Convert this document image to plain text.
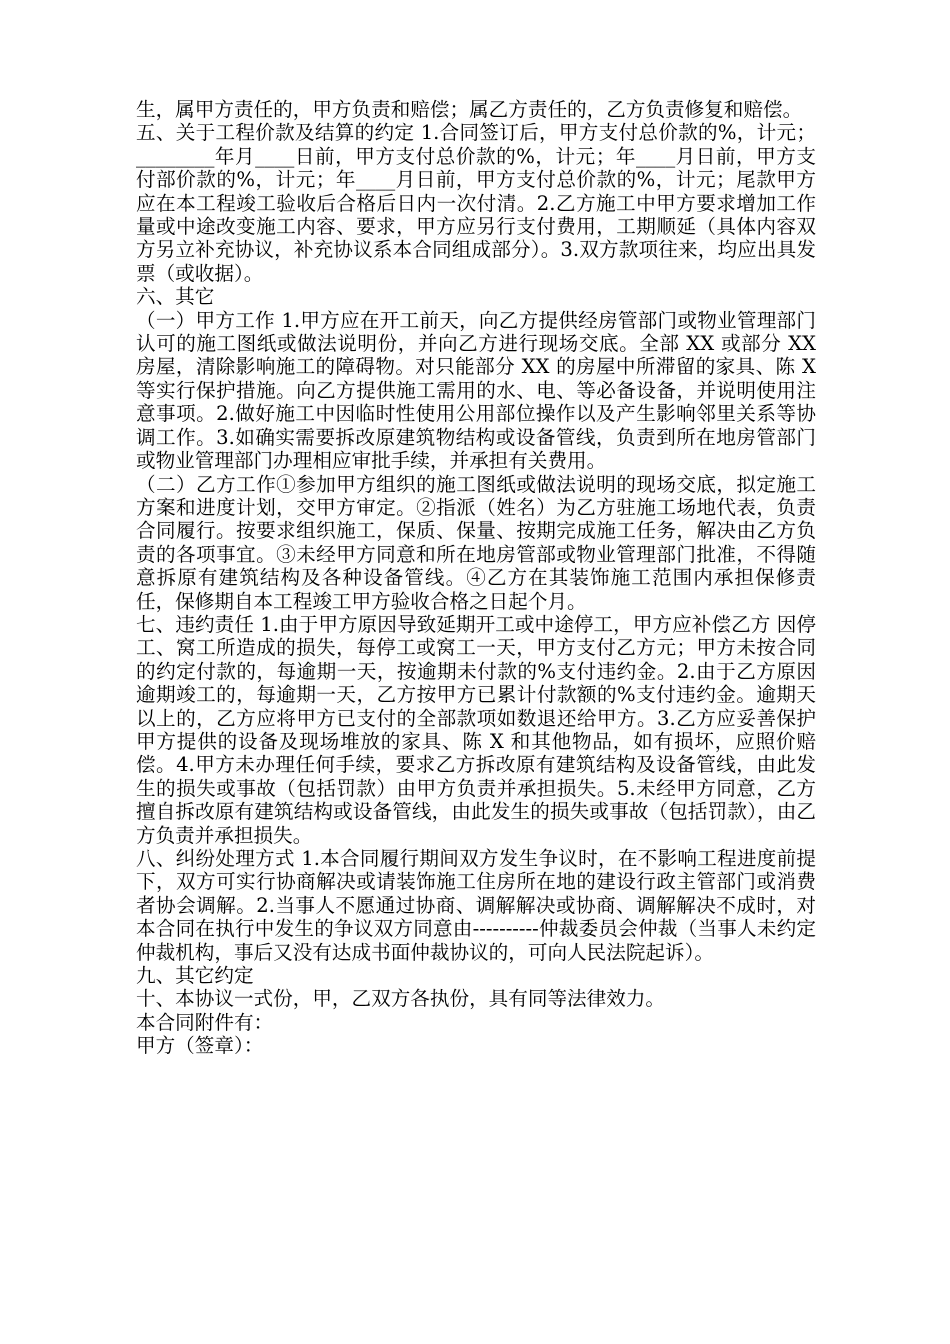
生，属甲方责任的，甲方负责和赔偿；属乙方责任的，乙方负责修复和赔偿。

五、关于工程价款及结算的约定 1.合同签订后，甲方支付总价款的%，计元；________年月____日前，甲方支付总价款的%，计元；年____月日前，甲方支付部价款的%，计元；年____月日前，甲方支付总价款的%，计元；尾款甲方应在本工程竣工验收后合格后日内一次付清。2.乙方施工中甲方要求增加工作量或中途改变施工内容、要求，甲方应另行支付费用，工期顺延（具体内容双方另立补充协议，补充协议系本合同组成部分）。3.双方款项往来，均应出具发票（或收据）。

六、其它

（一）甲方工作 1.甲方应在开工前天，向乙方提供经房管部门或物业管理部门认可的施工图纸或做法说明份，并向乙方进行现场交底。全部 XX 或部分 XX 房屋，清除影响施工的障碍物。对只能部分 XX 的房屋中所滞留的家具、陈 X 等实行保护措施。向乙方提供施工需用的水、电、等必备设备，并说明使用注意事项。2.做好施工中因临时性使用公用部位操作以及产生影响邻里关系等协调工作。3.如确实需要拆改原建筑物结构或设备管线，负责到所在地房管部门或物业管理部门办理相应审批手续，并承担有关费用。

（二）乙方工作①参加甲方组织的施工图纸或做法说明的现场交底，拟定施工方案和进度计划，交甲方审定。②指派（姓名）为乙方驻施工场地代表，负责合同履行。按要求组织施工，保质、保量、按期完成施工任务，解决由乙方负责的各项事宜。③未经甲方同意和所在地房管部或物业管理部门批准，不得随意拆原有建筑结构及各种设备管线。④乙方在其装饰施工范围内承担保修责任，保修期自本工程竣工甲方验收合格之日起个月。

七、违约责任 1.由于甲方原因导致延期开工或中途停工，甲方应补偿乙方 因停工、窝工所造成的损失，每停工或窝工一天，甲方支付乙方元；甲方未按合同的约定付款的，每逾期一天，按逾期未付款的%支付违约金。2.由于乙方原因逾期竣工的，每逾期一天，乙方按甲方已累计付款额的%支付违约金。逾期天以上的，乙方应将甲方已支付的全部款项如数退还给甲方。3.乙方应妥善保护甲方提供的设备及现场堆放的家具、陈 X 和其他物品，如有损坏，应照价赔偿。4.甲方未办理任何手续，要求乙方拆改原有建筑结构及设备管线，由此发生的损失或事故（包括罚款）由甲方负责并承担损失。5.未经甲方同意，乙方擅自拆改原有建筑结构或设备管线，由此发生的损失或事故（包括罚款），由乙方负责并承担损失。

八、纠纷处理方式 1.本合同履行期间双方发生争议时，在不影响工程进度前提下，双方可实行协商解决或请装饰施工住房所在地的建设行政主管部门或消费者协会调解。2.当事人不愿通过协商、调解解决或协商、调解解决不成时，对本合同在执行中发生的争议双方同意由----------仲裁委员会仲裁（当事人未约定仲裁机构，事后又没有达成书面仲裁协议的，可向人民法院起诉）。

九、其它约定

十、本协议一式份，甲，乙双方各执份，具有同等法律效力。

本合同附件有：

甲方（签章）：
